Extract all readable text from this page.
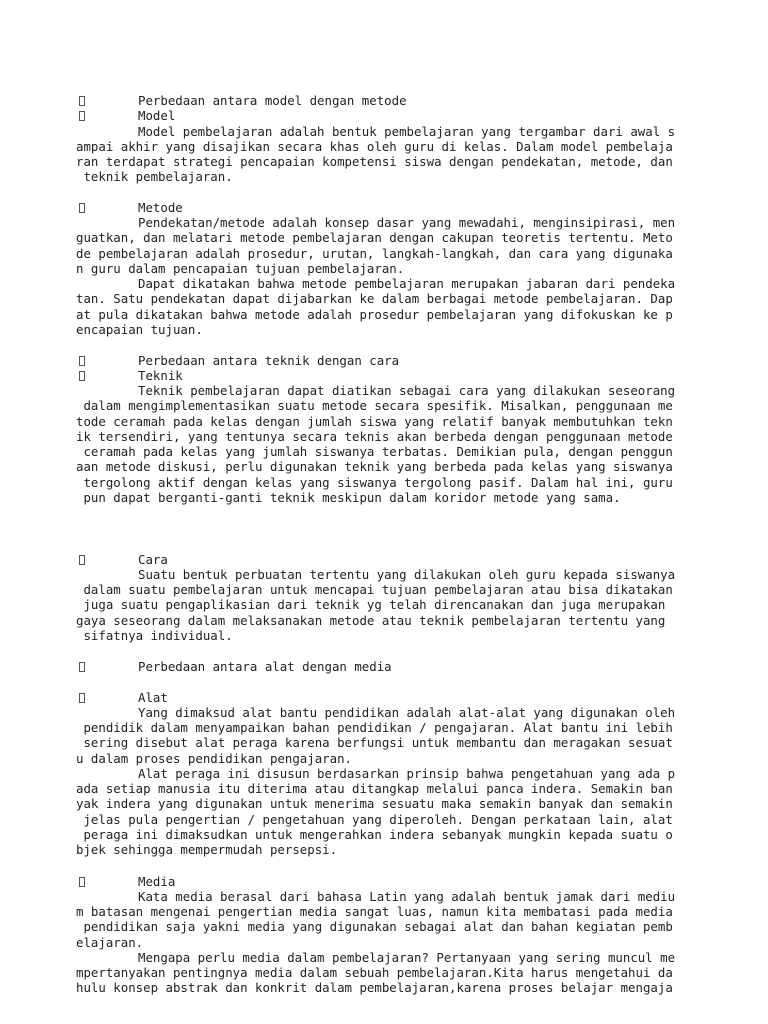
Perbedaan antara model dengan metode
Model
Model pembelajaran adalah bentuk pembelajaran yang tergambar dari awal s
ampai akhir yang disajikan secara khas oleh guru di kelas. Dalam model pembelaja
ran terdapat strategi pencapaian kompetensi siswa dengan pendekatan, metode, dan
teknik pembelajaran.
Metode
Pendekatan/metode adalah konsep dasar yang mewadahi, menginsipirasi, men
guatkan, dan melatari metode pembelajaran dengan cakupan teoretis tertentu. Meto
de pembelajaran adalah prosedur, urutan, langkah-langkah, dan cara yang digunaka
n guru dalam pencapaian tujuan pembelajaran.
Dapat dikatakan bahwa metode pembelajaran merupakan jabaran dari pendeka
tan. Satu pendekatan dapat dijabarkan ke dalam berbagai metode pembelajaran. Dap
at pula dikatakan bahwa metode adalah prosedur pembelajaran yang difokuskan ke p
encapaian tujuan.
Perbedaan antara teknik dengan cara
Teknik
Teknik pembelajaran dapat diatikan sebagai cara yang dilakukan seseorang
dalam mengimplementasikan suatu metode secara spesifik. Misalkan, penggunaan me
tode ceramah pada kelas dengan jumlah siswa yang relatif banyak membutuhkan tekn
ik tersendiri, yang tentunya secara teknis akan berbeda dengan penggunaan metode
ceramah pada kelas yang jumlah siswanya terbatas. Demikian pula, dengan penggun
aan metode diskusi, perlu digunakan teknik yang berbeda pada kelas yang siswanya
tergolong aktif dengan kelas yang siswanya tergolong pasif. Dalam hal ini, guru
pun dapat berganti-ganti teknik meskipun dalam koridor metode yang sama.
Cara
Suatu bentuk perbuatan tertentu yang dilakukan oleh guru kepada siswanya
dalam suatu pembelajaran untuk mencapai tujuan pembelajaran atau bisa dikatakan
juga suatu pengaplikasian dari teknik yg telah direncanakan dan juga merupakan
gaya seseorang dalam melaksanakan metode atau teknik pembelajaran tertentu yang
sifatnya individual.
Perbedaan antara alat dengan media
Alat
Yang dimaksud alat bantu pendidikan adalah alat-alat yang digunakan oleh
pendidik dalam menyampaikan bahan pendidikan / pengajaran. Alat bantu ini lebih
sering disebut alat peraga karena berfungsi untuk membantu dan meragakan sesuat
u dalam proses pendidikan pengajaran.
Alat peraga ini disusun berdasarkan prinsip bahwa pengetahuan yang ada p
ada setiap manusia itu diterima atau ditangkap melalui panca indera. Semakin ban
yak indera yang digunakan untuk menerima sesuatu maka semakin banyak dan semakin
jelas pula pengertian / pengetahuan yang diperoleh. Dengan perkataan lain, alat
peraga ini dimaksudkan untuk mengerahkan indera sebanyak mungkin kepada suatu o
bjek sehingga mempermudah persepsi.
Media
Kata media berasal dari bahasa Latin yang adalah bentuk jamak dari mediu
m batasan mengenai pengertian media sangat luas, namun kita membatasi pada media
pendidikan saja yakni media yang digunakan sebagai alat dan bahan kegiatan pemb
elajaran.
Mengapa perlu media dalam pembelajaran? Pertanyaan yang sering muncul me
mpertanyakan pentingnya media dalam sebuah pembelajaran.Kita harus mengetahui da
hulu konsep abstrak dan konkrit dalam pembelajaran,karena proses belajar mengaja
